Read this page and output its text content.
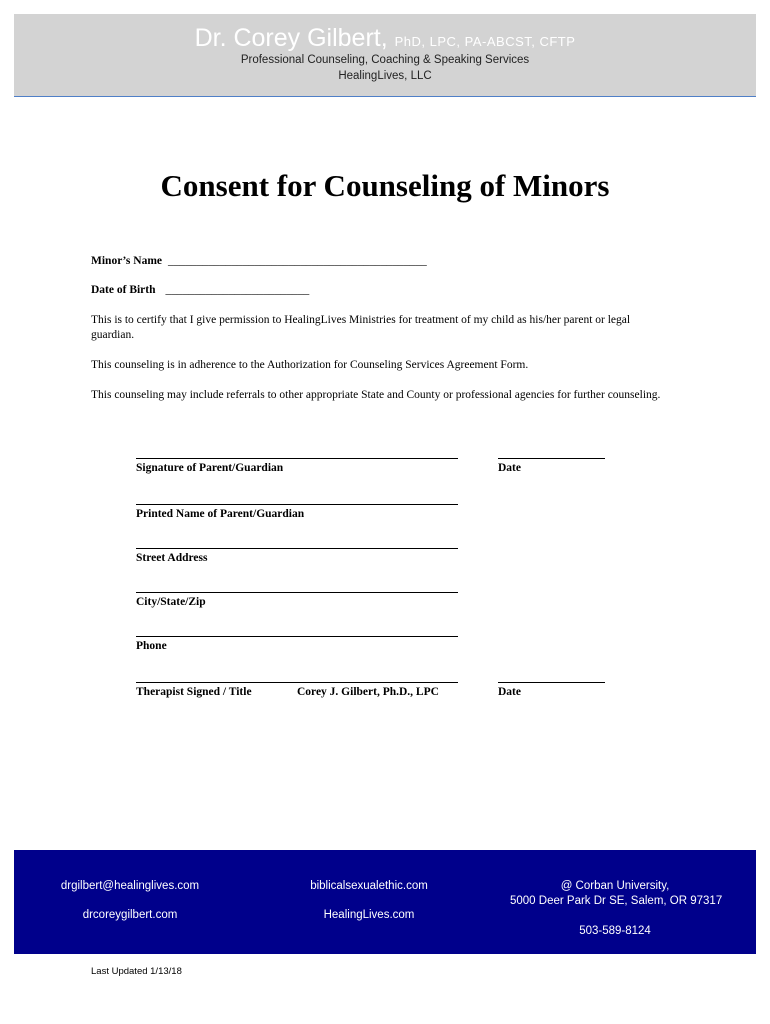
Dr. Corey Gilbert, PhD, LPC, PA-ABCST, CFTP
Professional Counseling, Coaching & Speaking Services
HealingLives, LLC
Consent for Counseling of Minors
Minor’s Name _____________________________________________
Date of Birth _________________________
This is to certify that I give permission to HealingLives Ministries for treatment of my child as his/her parent or legal guardian.
This counseling is in adherence to the Authorization for Counseling Services Agreement Form.
This counseling may include referrals to other appropriate State and County or professional agencies for further counseling.
Signature of Parent/Guardian	Date
Printed Name of Parent/Guardian
Street Address
City/State/Zip
Phone
Therapist Signed / Title	Corey J. Gilbert, Ph.D., LPC	Date
drgilbert@healinglives.com
drcoreygilbert.com
biblicalsexualethic.com
HealingLives.com
@ Corban University,
5000 Deer Park Dr SE, Salem, OR 97317
503-589-8124
Last Updated 1/13/18
